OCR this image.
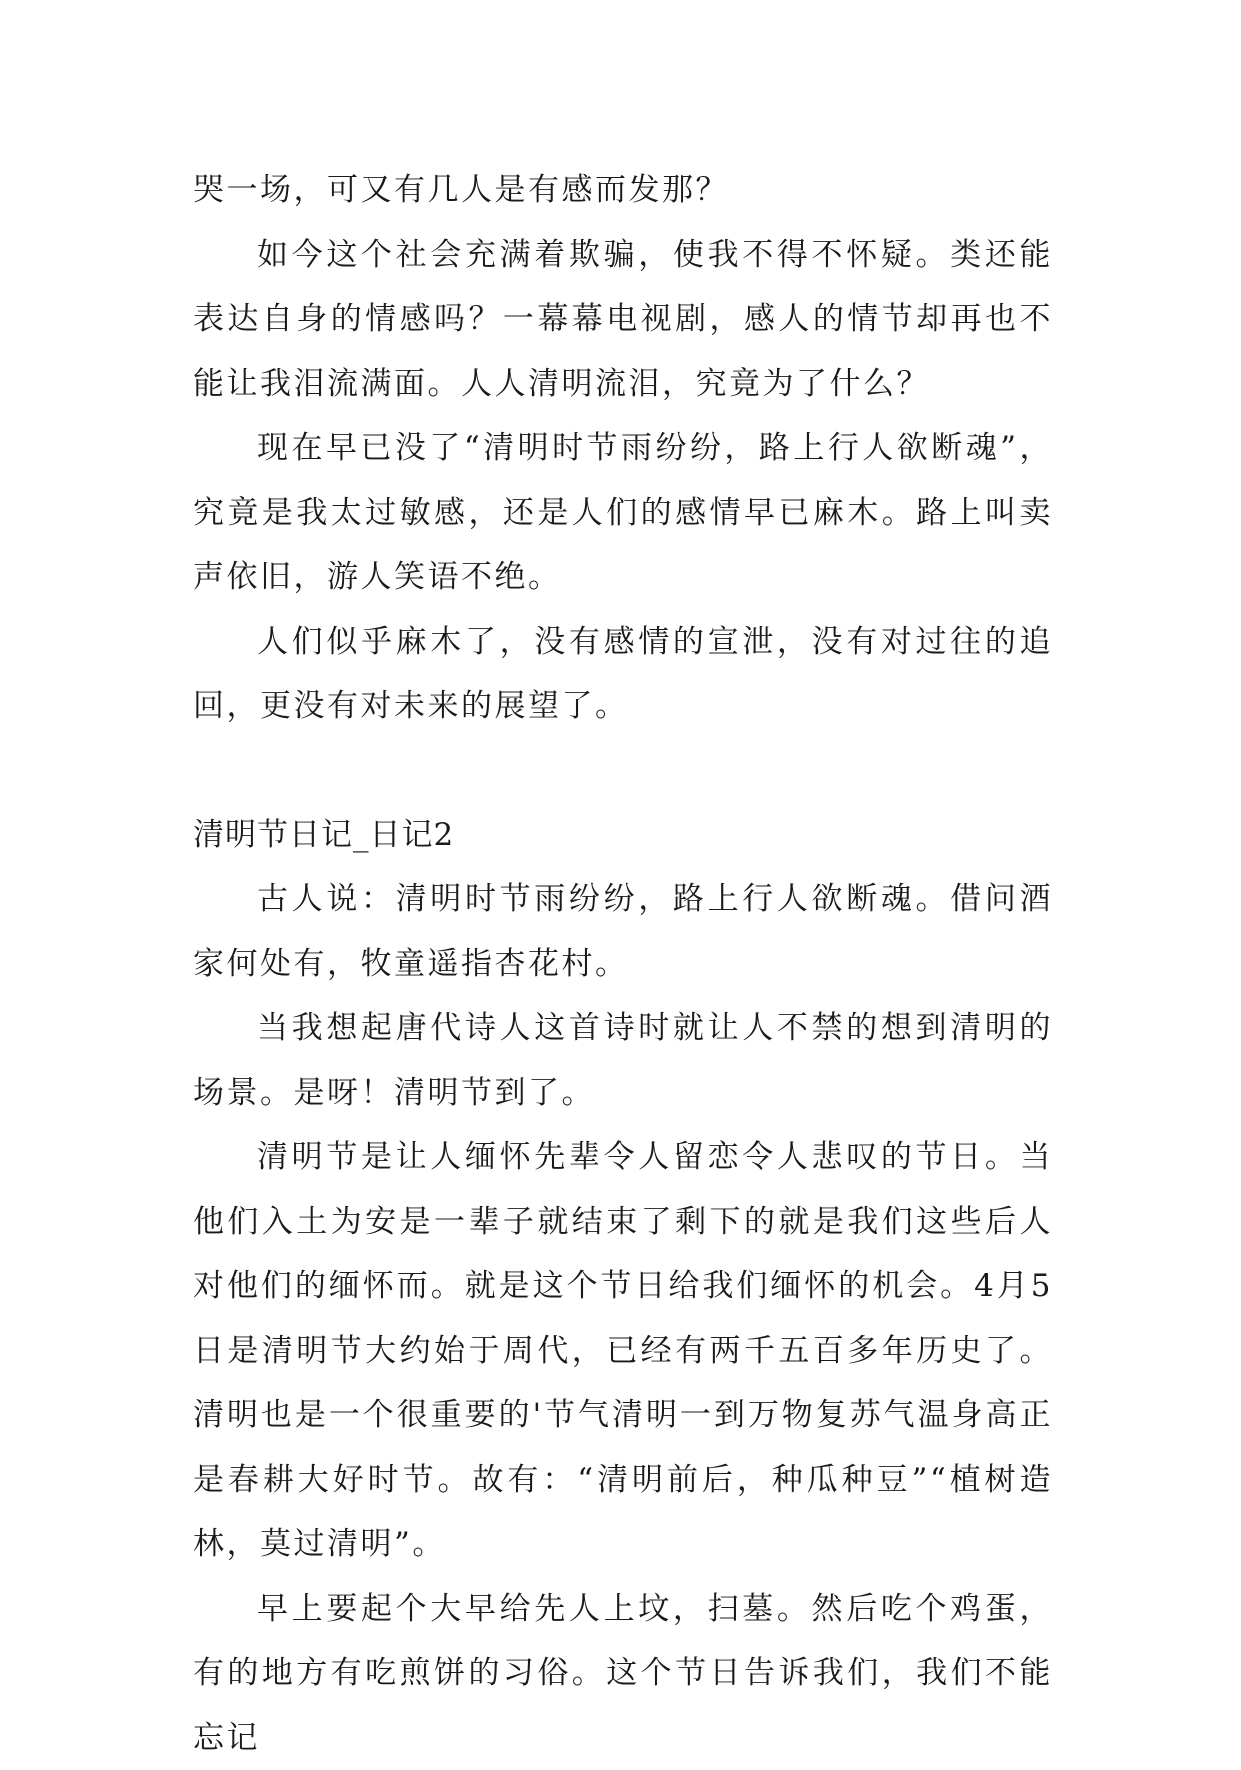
哭一场，可又有几人是有感而发那？

如今这个社会充满着欺骗，使我不得不怀疑。类还能表达自身的情感吗？一幕幕电视剧，感人的情节却再也不能让我泪流满面。人人清明流泪，究竟为了什么？

现在早已没了“清明时节雨纷纷，路上行人欲断魂”，究竟是我太过敏感，还是人们的感情早已麻木。路上叫卖声依旧，游人笑语不绝。

人们似乎麻木了，没有感情的宣泄，没有对过往的追回，更没有对未来的展望了。

清明节日记_日记2

古人说：清明时节雨纷纷，路上行人欲断魂。借问酒家何处有，牧童遥指杏花村。

当我想起唐代诗人这首诗时就让人不禁的想到清明的场景。是呀！清明节到了。

清明节是让人缅怀先辈令人留恋令人悲叹的节日。当他们入土为安是一辈子就结束了剩下的就是我们这些后人对他们的缅怀而。就是这个节日给我们缅怀的机会。4月5日是清明节大约始于周代，已经有两千五百多年历史了。清明也是一个很重要的'节气清明一到万物复苏气温身高正是春耕大好时节。故有：“清明前后，种瓜种豆”“植树造林，莫过清明”。

早上要起个大早给先人上坟，扫墓。然后吃个鸡蛋，有的地方有吃煎饼的习俗。这个节日告诉我们，我们不能忘记
